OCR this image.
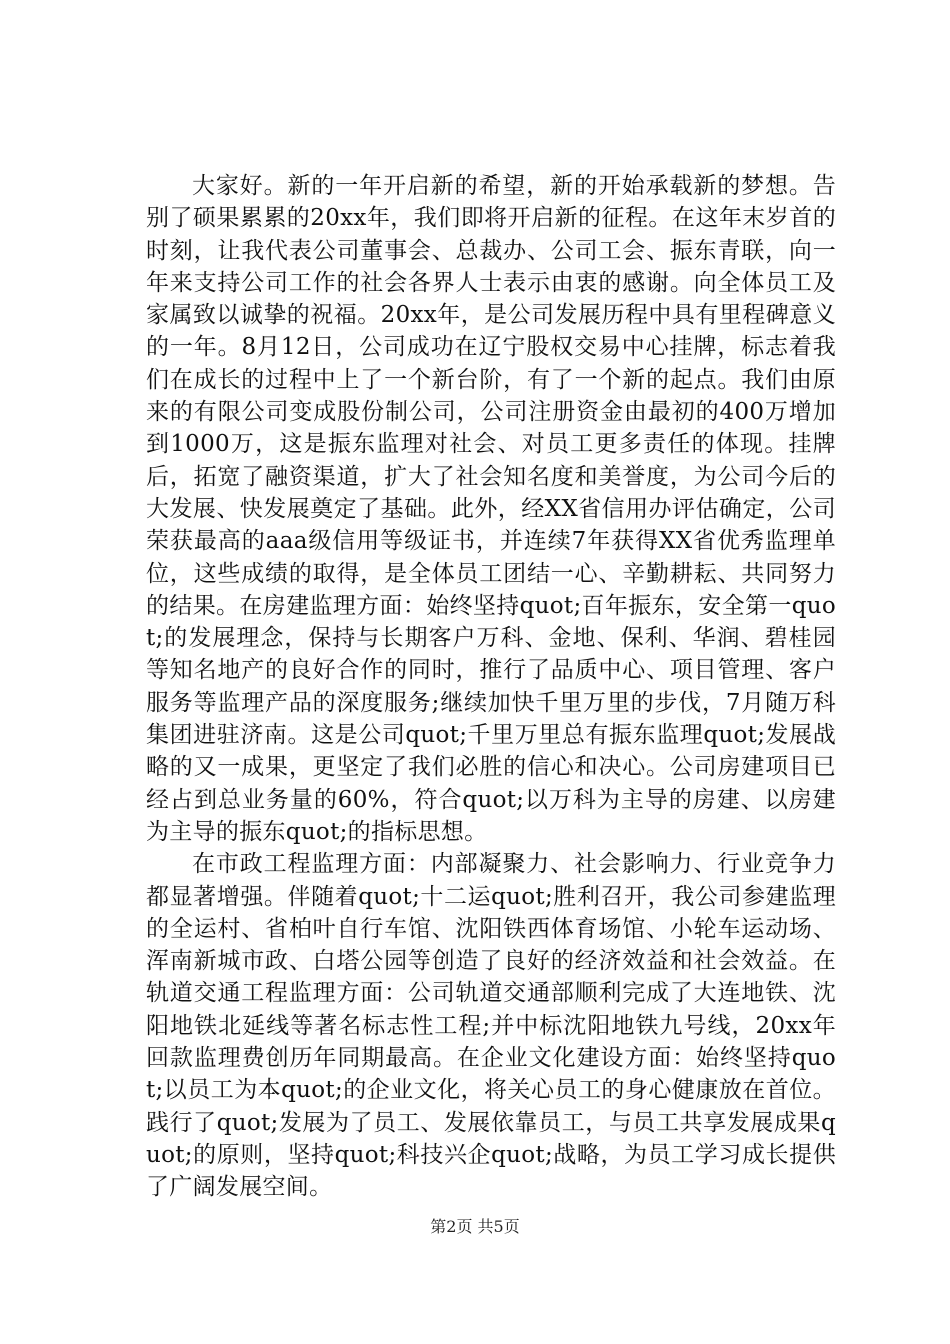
大家好。新的一年开启新的希望，新的开始承载新的梦想。告别了硕果累累的20xx年，我们即将开启新的征程。在这年末岁首的时刻，让我代表公司董事会、总裁办、公司工会、振东青联，向一年来支持公司工作的社会各界人士表示由衷的感谢。向全体员工及家属致以诚挚的祝福。20xx年，是公司发展历程中具有里程碑意义的一年。8月12日，公司成功在辽宁股权交易中心挂牌，标志着我们在成长的过程中上了一个新台阶，有了一个新的起点。我们由原来的有限公司变成股份制公司，公司注册资金由最初的400万增加到1000万，这是振东监理对社会、对员工更多责任的体现。挂牌后，拓宽了融资渠道，扩大了社会知名度和美誉度，为公司今后的大发展、快发展奠定了基础。此外，经XX省信用办评估确定，公司荣获最高的aaa级信用等级证书，并连续7年获得XX省优秀监理单位，这些成绩的取得，是全体员工团结一心、辛勤耕耘、共同努力的结果。在房建监理方面：始终坚持quot;百年振东，安全第一quot;的发展理念，保持与长期客户万科、金地、保利、华润、碧桂园等知名地产的良好合作的同时，推行了品质中心、项目管理、客户服务等监理产品的深度服务;继续加快千里万里的步伐，7月随万科集团进驻济南。这是公司quot;千里万里总有振东监理quot;发展战略的又一成果，更坚定了我们必胜的信心和决心。公司房建项目已经占到总业务量的60%，符合quot;以万科为主导的房建、以房建为主导的振东quot;的指标思想。

在市政工程监理方面：内部凝聚力、社会影响力、行业竞争力都显著增强。伴随着quot;十二运quot;胜利召开，我公司参建监理的全运村、省柏叶自行车馆、沈阳铁西体育场馆、小轮车运动场、浑南新城市政、白塔公园等创造了良好的经济效益和社会效益。在轨道交通工程监理方面：公司轨道交通部顺利完成了大连地铁、沈阳地铁北延线等著名标志性工程;并中标沈阳地铁九号线，20xx年回款监理费创历年同期最高。在企业文化建设方面：始终坚持quot;以员工为本quot;的企业文化，将关心员工的身心健康放在首位。践行了quot;发展为了员工、发展依靠员工，与员工共享发展成果quot;的原则，坚持quot;科技兴企quot;战略，为员工学习成长提供了广阔发展空间。

第2页 共5页
